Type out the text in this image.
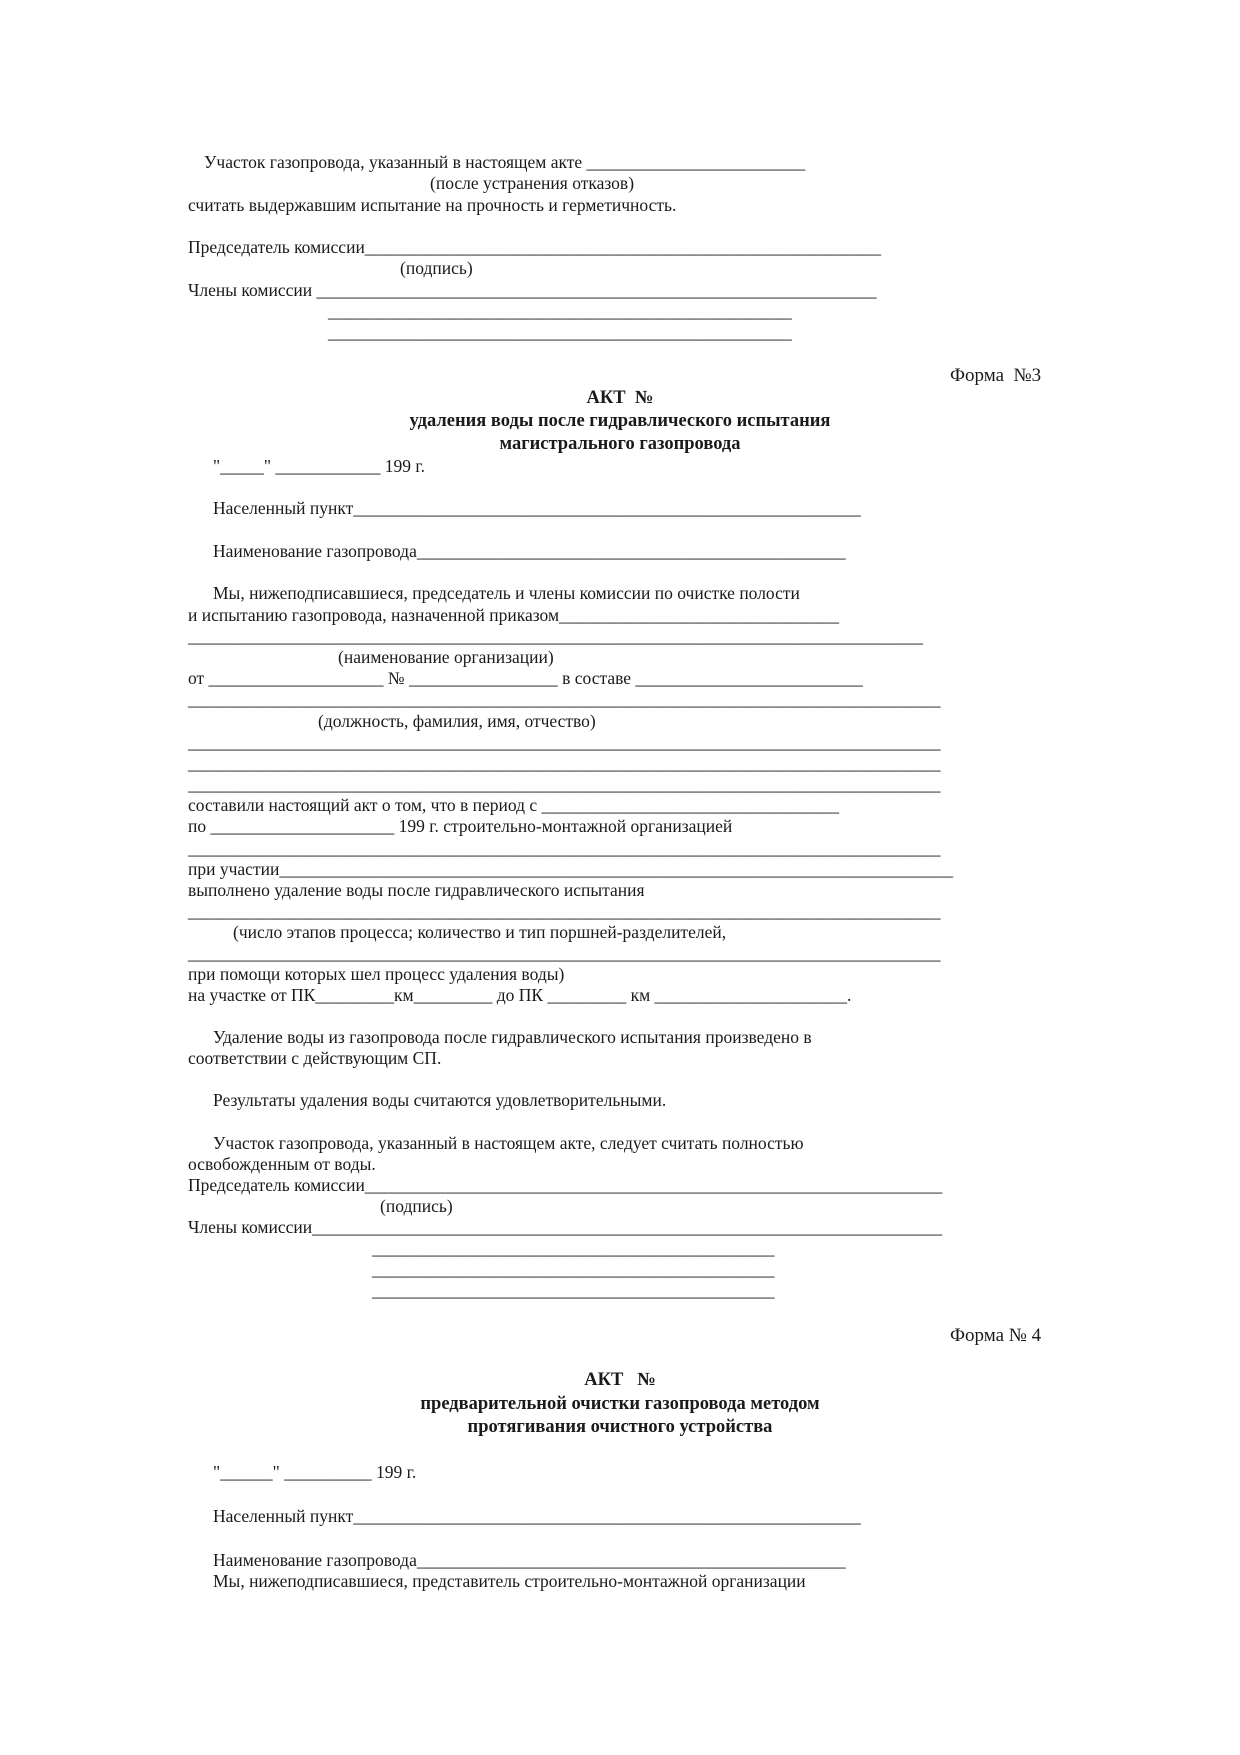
Участок газопровода, указанный в настоящем акте _________________________

(после устранения отказов)

считать выдержавшим испытание на прочность и герметичность.

Председатель комиссии___________________________________________________________

(подпись)

Члены комиссии ________________________________________________________________

_____________________________________________________

_____________________________________________________

Форма  №3

АКТ  №

удаления воды после гидравлического испытания

магистрального газопровода

"_____" ____________ 199 г.

Населенный пункт__________________________________________________________

Наименование газопровода_________________________________________________

Мы, нижеподписавшиеся, председатель и члены комиссии по очистке полости

и испытанию газопровода, назначенной приказом________________________________

____________________________________________________________________________________

(наименование организации)

от ____________________ № _________________ в составе __________________________

______________________________________________________________________________________

(должность, фамилия, имя, отчество)

______________________________________________________________________________________

______________________________________________________________________________________

______________________________________________________________________________________

составили настоящий акт о том, что в период с __________________________________

по _____________________ 199 г. строительно-монтажной организацией

______________________________________________________________________________________

при участии_____________________________________________________________________________

выполнено удаление воды после гидравлического испытания

______________________________________________________________________________________

(число этапов процесса; количество и тип поршней-разделителей,

______________________________________________________________________________________

при помощи которых шел процесс удаления воды)

на участке от ПК_________км_________ до ПК _________ км ______________________.

Удаление воды из газопровода после гидравлического испытания произведено в

соответствии с действующим СП.

Результаты удаления воды считаются удовлетворительными.

Участок газопровода, указанный в настоящем акте, следует считать полностью

освобожденным от воды.

Председатель комиссии__________________________________________________________________

(подпись)

Члены комиссии________________________________________________________________________

______________________________________________

______________________________________________

______________________________________________

Форма № 4

АКТ   №

предварительной очистки газопровода методом

протягивания очистного устройства

"______" __________ 199 г.

Населенный пункт__________________________________________________________

Наименование газопровода_________________________________________________

Мы, нижеподписавшиеся, представитель строительно-монтажной организации
